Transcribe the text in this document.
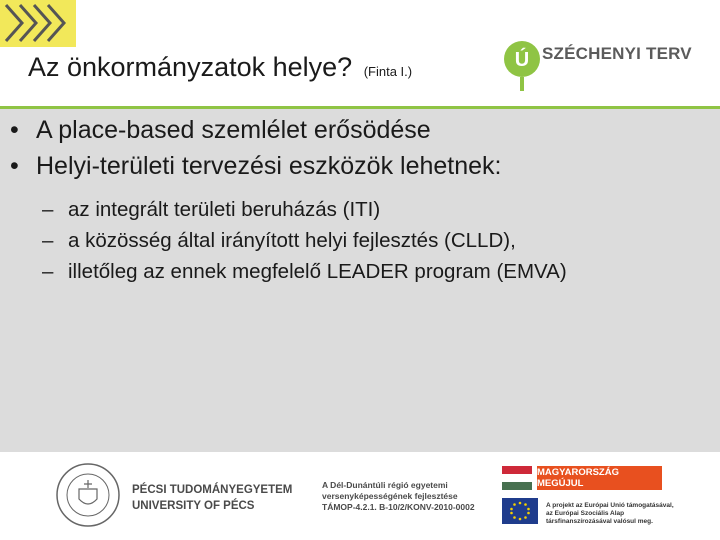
Az önkormányzatok helye? (Finta I.)
Ú SZÉCHENYI TERV
• A place-based szemlélet erősödése
• Helyi-területi tervezési eszközök lehetnek:
– az integrált területi beruházás (ITI)
– a közösség által irányított helyi fejlesztés (CLLD),
– illetőleg az ennek megfelelő LEADER program (EMVA)
PÉCSI TUDOMÁNYEGYETEM
UNIVERSITY OF PÉCS
A Dél-Dunántúli régió egyetemi
versenyképességének fejlesztése
TÁMOP-4.2.1. B-10/2/KONV-2010-0002
MAGYARORSZÁG MEGÚJUL
A projekt az Európai Unió támogatásával,
az Európai Szociális Alap
társfinanszírozásával valósul meg.
